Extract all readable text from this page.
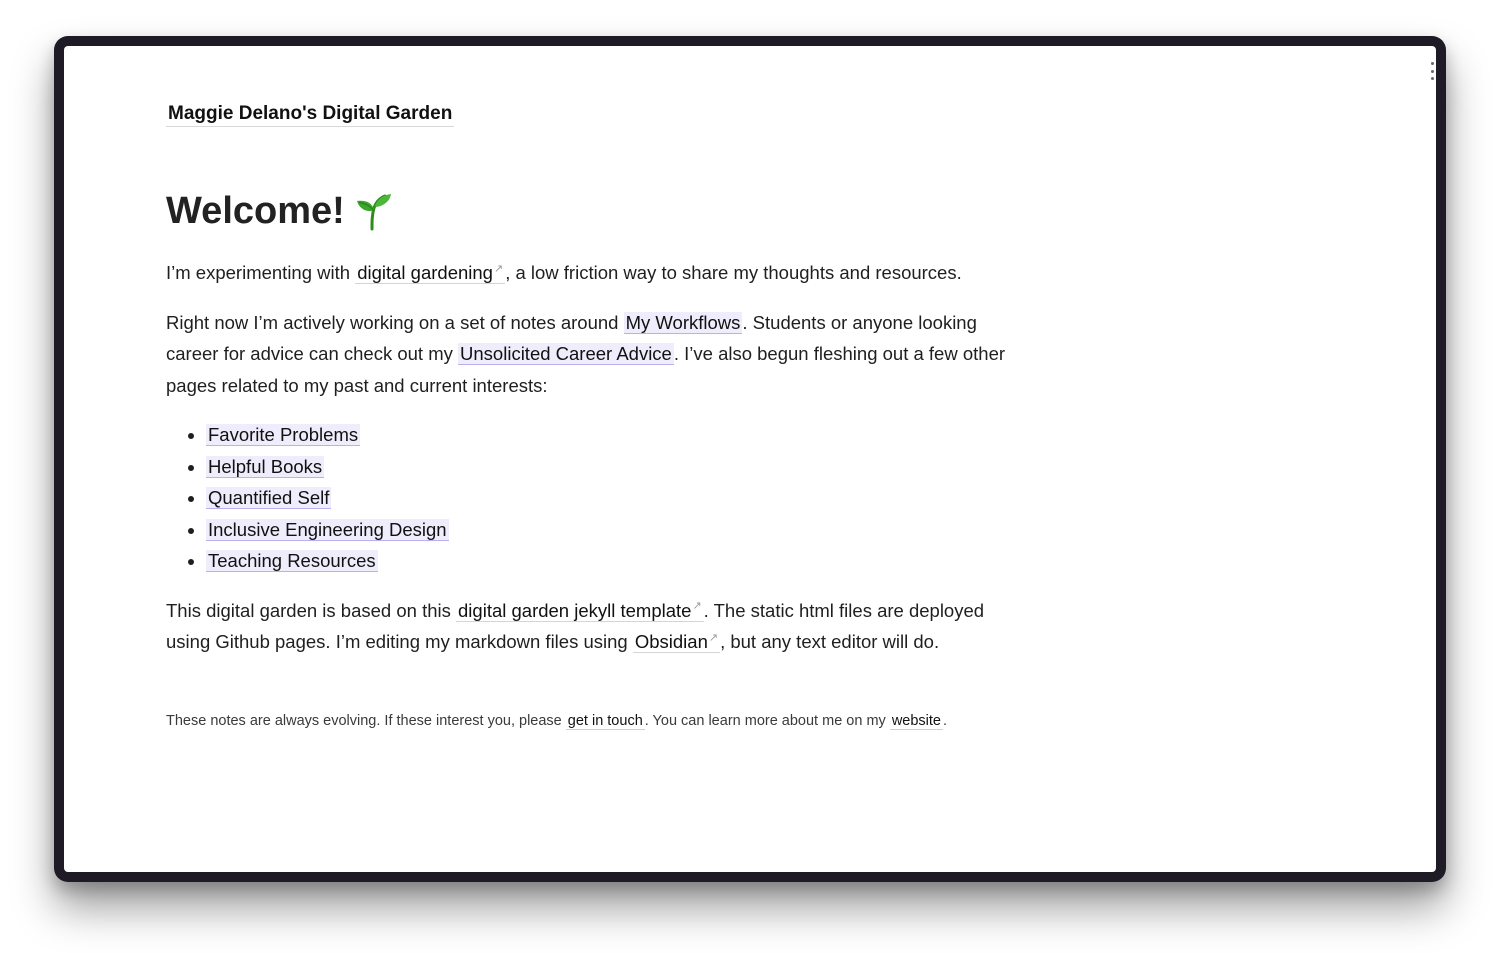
Maggie Delano's Digital Garden
Welcome!

I’m experimenting with digital gardening↗ , a low friction way to share my thoughts and resources.

Right now I’m actively working on a set of notes around My Workflows . Students or anyone looking career for advice can check out my Unsolicited Career Advice . I’ve also begun fleshing out a few other pages related to my past and current interests:

• Favorite Problems
• Helpful Books
• Quantified Self
• Inclusive Engineering Design
• Teaching Resources

This digital garden is based on this digital garden jekyll template↗ . The static html files are deployed using Github pages. I’m editing my markdown files using Obsidian↗ , but any text editor will do.

These notes are always evolving. If these interest you, please get in touch . You can learn more about me on my website .
